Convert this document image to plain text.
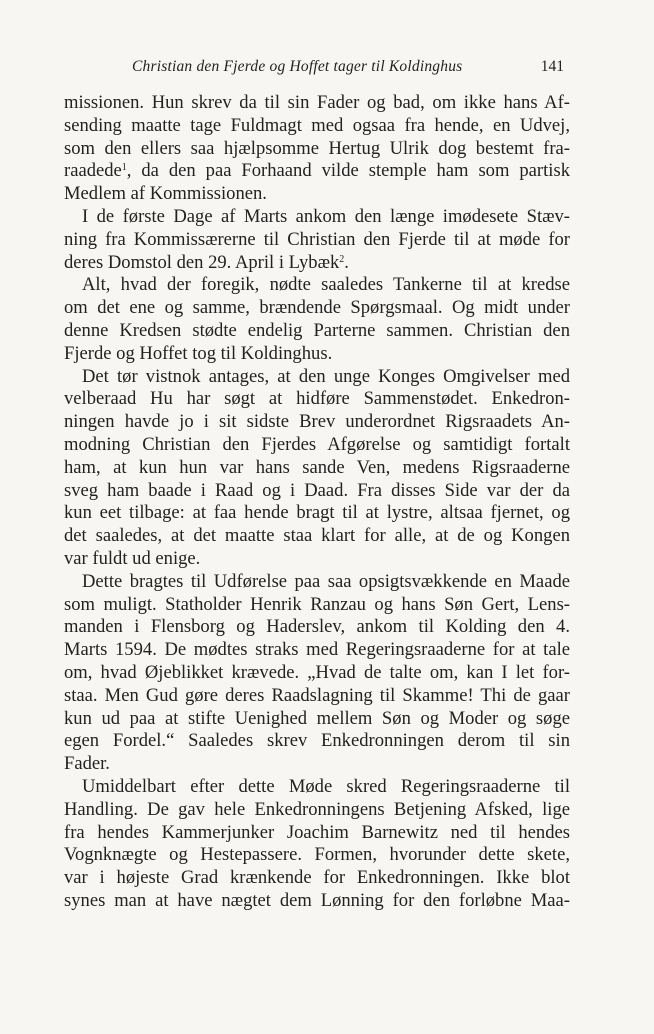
Christian den Fjerde og Hoffet tager til Koldinghus	141
missionen. Hun skrev da til sin Fader og bad, om ikke hans Af-
sending maatte tage Fuldmagt med ogsaa fra hende, en Udvej,
som den ellers saa hjælpsomme Hertug Ulrik dog bestemt fra-
raadede$^1$, da den paa Forhaand vilde stemple ham som partisk
Medlem af Kommissionen.
I de første Dage af Marts ankom den længe imødesete Stæv-
ning fra Kommissærerne til Christian den Fjerde til at møde for
deres Domstol den 29. April i Lybæk$^2$.
Alt, hvad der foregik, nødte saaledes Tankerne til at kredse
om det ene og samme, brændende Spørgsmaal. Og midt under
denne Kredsen stødte endelig Parterne sammen. Christian den
Fjerde og Hoffet tog til Koldinghus.
Det tør vistnok antages, at den unge Konges Omgivelser med
velberaad Hu har søgt at hidføre Sammenstødet. Enkedron-
ningen havde jo i sit sidste Brev underordnet Rigsraadets An-
modning Christian den Fjerdes Afgørelse og samtidigt fortalt
ham, at kun hun var hans sande Ven, medens Rigsraaderne
sveg ham baade i Raad og i Daad. Fra disses Side var der da
kun eet tilbage: at faa hende bragt til at lystre, altsaa fjernet, og
det saaledes, at det maatte staa klart for alle, at de og Kongen
var fuldt ud enige.
Dette bragtes til Udførelse paa saa opsigtsvækkende en Maade
som muligt. Statholder Henrik Ranzau og hans Søn Gert, Lens-
manden i Flensborg og Haderslev, ankom til Kolding den 4.
Marts 1594. De mødtes straks med Regeringsraaderne for at tale
om, hvad Øjeblikket krævede. „Hvad de talte om, kan I let for-
staa. Men Gud gøre deres Raadslagning til Skamme! Thi de gaar
kun ud paa at stifte Uenighed mellem Søn og Moder og søge
egen Fordel.“ Saaledes skrev Enkedronningen derom til sin
Fader.
Umiddelbart efter dette Møde skred Regeringsraaderne til
Handling. De gav hele Enkedronningens Betjening Afsked, lige
fra hendes Kammerjunker Joachim Barnewitz ned til hendes
Vognknægte og Hestepassere. Formen, hvorunder dette skete,
var i højeste Grad krænkende for Enkedronningen. Ikke blot
synes man at have nægtet dem Lønning for den forløbne Maa-
